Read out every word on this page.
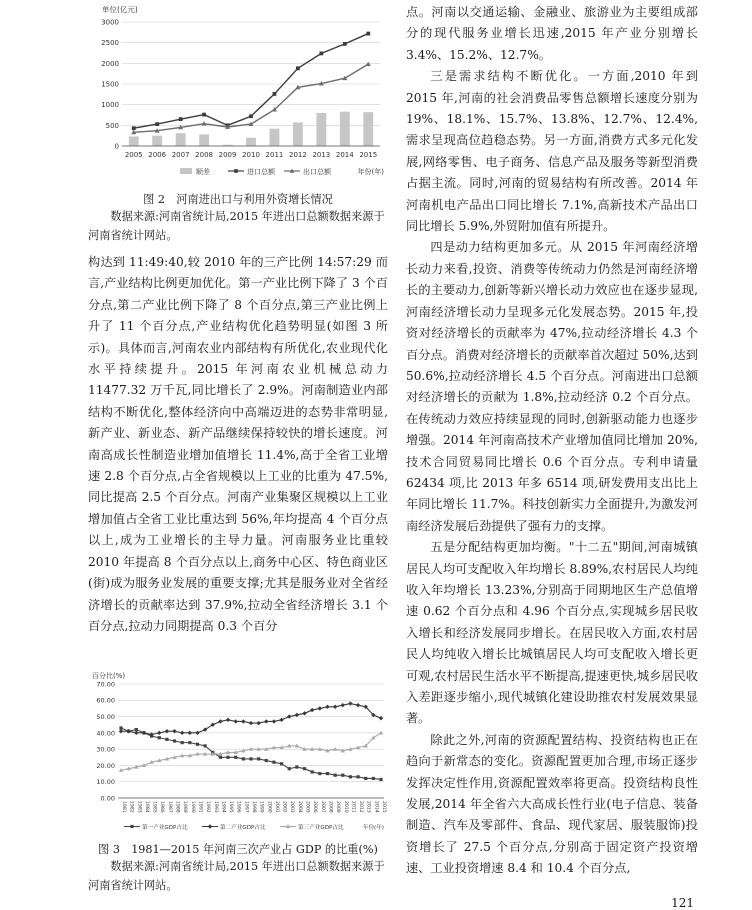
单位(亿元)
0
500
1000
1500
2000
2500
3000
2005 2006 2007 2008 2009 2010 2011 2012 2013 2014 2015
顺差	进口总额	出口总额	年份(年)
图 2　河南进出口与利用外资增长情况
数据来源:河南省统计局,2015 年进出口总额数据来源于河南省统计网站。

构达到 11:49:40,较 2010 年的三产比例 14:57:29 而言,产业结构比例更加优化。第一产业比例下降了 3 个百分点,第二产业比例下降了 8 个百分点,第三产业比例上升了 11 个百分点,产业结构优化趋势明显(如图 3 所示)。具体而言,河南农业内部结构有所优化,农业现代化水平持续提升。2015 年河南农业机械总动力 11477.32 万千瓦,同比增长了 2.9%。河南制造业内部结构不断优化,整体经济向中高端迈进的态势非常明显,新产业、新业态、新产品继续保持较快的增长速度。河南高成长性制造业增加值增长 11.4%,高于全省工业增速 2.8 个百分点,占全省规模以上工业的比重为 47.5%,同比提高 2.5 个百分点。河南产业集聚区规模以上工业增加值占全省工业比重达到 56%,年均提高 4 个百分点以上,成为工业增长的主导力量。河南服务业比重较 2010 年提高 8 个百分点以上,商务中心区、特色商业区(街)成为服务业发展的重要支撑;尤其是服务业对全省经济增长的贡献率达到 37.9%,拉动全省经济增长 3.1 个百分点,拉动力同期提高 0.3 个百分

百分比(%)
0.00
10.00
20.00
30.00
40.00
50.00
60.00
70.00
1981 1982 1983 1984 1985 1986 1987 1988 1989 1990 1991 1992 1993 1994 1995 1996 1997 1998 1999 2000 2001 2002 2003 2004 2005 2006 2007 2008 2009 2010 2011 2012 2013 2014 2015
第一产业GDP占比	第二产业GDP占比	第三产业GDP占比	年份(年)
图 3　1981—2015 年河南三次产业占 GDP 的比重(%)
数据来源:河南省统计局,2015 年进出口总额数据来源于河南省统计网站。

点。河南以交通运输、金融业、旅游业为主要组成部分的现代服务业增长迅速,2015 年产业分别增长 3.4%、15.2%、12.7%。

三是需求结构不断优化。一方面,2010 年到 2015 年,河南的社会消费品零售总额增长速度分别为 19%、18.1%、15.7%、13.8%、12.7%、12.4%,需求呈现高位趋稳态势。另一方面,消费方式多元化发展,网络零售、电子商务、信息产品及服务等新型消费占据主流。同时,河南的贸易结构有所改善。2014 年河南机电产品出口同比增长 7.1%,高新技术产品出口同比增长 5.9%,外贸附加值有所提升。

四是动力结构更加多元。从 2015 年河南经济增长动力来看,投资、消费等传统动力仍然是河南经济增长的主要动力,创新等新兴增长动力效应也在逐步显现,河南经济增长动力呈现多元化发展态势。2015 年,投资对经济增长的贡献率为 47%,拉动经济增长 4.3 个百分点。消费对经济增长的贡献率首次超过 50%,达到 50.6%,拉动经济增长 4.5 个百分点。河南进出口总额对经济增长的贡献为 1.8%,拉动经济 0.2 个百分点。在传统动力效应持续显现的同时,创新驱动能力也逐步增强。2014 年河南高技术产业增加值同比增加 20%,技术合同贸易同比增长 0.6 个百分点。专利申请量 62434 项,比 2013 年多 6514 项,研发费用支出比上年同比增长 11.7%。科技创新实力全面提升,为激发河南经济发展后劲提供了强有力的支撑。

五是分配结构更加均衡。"十二五"期间,河南城镇居民人均可支配收入年均增长 8.89%,农村居民人均纯收入年均增长 13.23%,分别高于同期地区生产总值增速 0.62 个百分点和 4.96 个百分点,实现城乡居民收入增长和经济发展同步增长。在居民收入方面,农村居民人均纯收入增长比城镇居民人均可支配收入增长更可观,农村居民生活水平不断提高,提速更快,城乡居民收入差距逐步缩小,现代城镇化建设助推农村发展效果显著。

除此之外,河南的资源配置结构、投资结构也正在趋向于新常态的变化。资源配置更加合理,市场正逐步发挥决定性作用,资源配置效率将更高。投资结构良性发展,2014 年全省六大高成长性行业(电子信息、装备制造、汽车及零部件、食品、现代家居、服装服饰)投资增长了 27.5 个百分点,分别高于固定资产投资增速、工业投资增速 8.4 和 10.4 个百分点,

121
